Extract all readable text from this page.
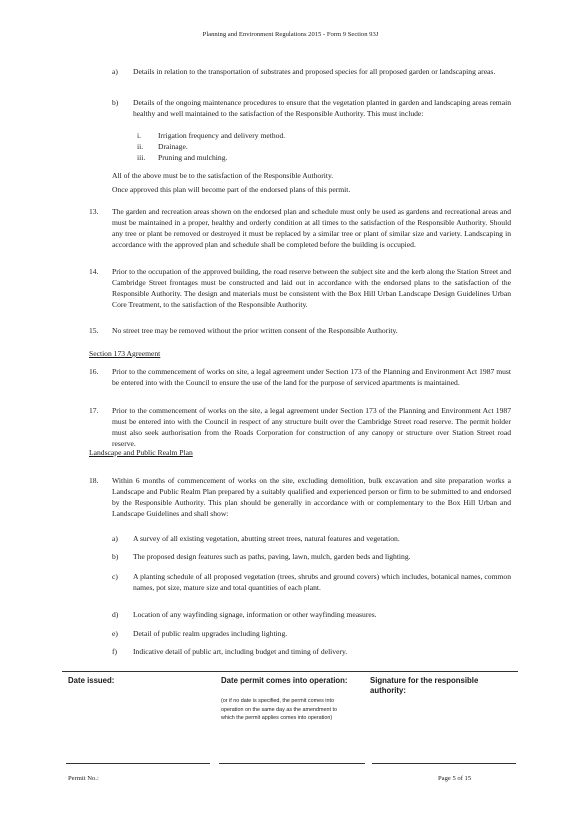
Planning and Environment Regulations 2015 - Form 9 Section 93J
a) Details in relation to the transportation of substrates and proposed species for all proposed garden or landscaping areas.
b) Details of the ongoing maintenance procedures to ensure that the vegetation planted in garden and landscaping areas remain healthy and well maintained to the satisfaction of the Responsible Authority. This must include:
i. Irrigation frequency and delivery method.
ii. Drainage.
iii. Pruning and mulching.
All of the above must be to the satisfaction of the Responsible Authority.
Once approved this plan will become part of the endorsed plans of this permit.
13. The garden and recreation areas shown on the endorsed plan and schedule must only be used as gardens and recreational areas and must be maintained in a proper, healthy and orderly condition at all times to the satisfaction of the Responsible Authority. Should any tree or plant be removed or destroyed it must be replaced by a similar tree or plant of similar size and variety. Landscaping in accordance with the approved plan and schedule shall be completed before the building is occupied.
14. Prior to the occupation of the approved building, the road reserve between the subject site and the kerb along the Station Street and Cambridge Street frontages must be constructed and laid out in accordance with the endorsed plans to the satisfaction of the Responsible Authority. The design and materials must be consistent with the Box Hill Urban Landscape Design Guidelines Urban Core Treatment, to the satisfaction of the Responsible Authority.
15. No street tree may be removed without the prior written consent of the Responsible Authority.
Section 173 Agreement
16. Prior to the commencement of works on site, a legal agreement under Section 173 of the Planning and Environment Act 1987 must be entered into with the Council to ensure the use of the land for the purpose of serviced apartments is maintained.
17. Prior to the commencement of works on the site, a legal agreement under Section 173 of the Planning and Environment Act 1987 must be entered into with the Council in respect of any structure built over the Cambridge Street road reserve. The permit holder must also seek authorisation from the Roads Corporation for construction of any canopy or structure over Station Street road reserve.
Landscape and Public Realm Plan
18. Within 6 months of commencement of works on the site, excluding demolition, bulk excavation and site preparation works a Landscape and Public Realm Plan prepared by a suitably qualified and experienced person or firm to be submitted to and endorsed by the Responsible Authority. This plan should be generally in accordance with or complementary to the Box Hill Urban and Landscape Guidelines and shall show:
a) A survey of all existing vegetation, abutting street trees, natural features and vegetation.
b) The proposed design features such as paths, paving, lawn, mulch, garden beds and lighting.
c) A planting schedule of all proposed vegetation (trees, shrubs and ground covers) which includes, botanical names, common names, pot size, mature size and total quantities of each plant.
d) Location of any wayfinding signage, information or other wayfinding measures.
e) Detail of public realm upgrades including lighting.
f) Indicative detail of public art, including budget and timing of delivery.
Date issued:	Date permit comes into operation:
(or if no date is specified, the permit comes into operation on the same day as the amendment to which the permit applies comes into operation)
Signature for the responsible authority:
Permit No.:	Page 5 of 15
